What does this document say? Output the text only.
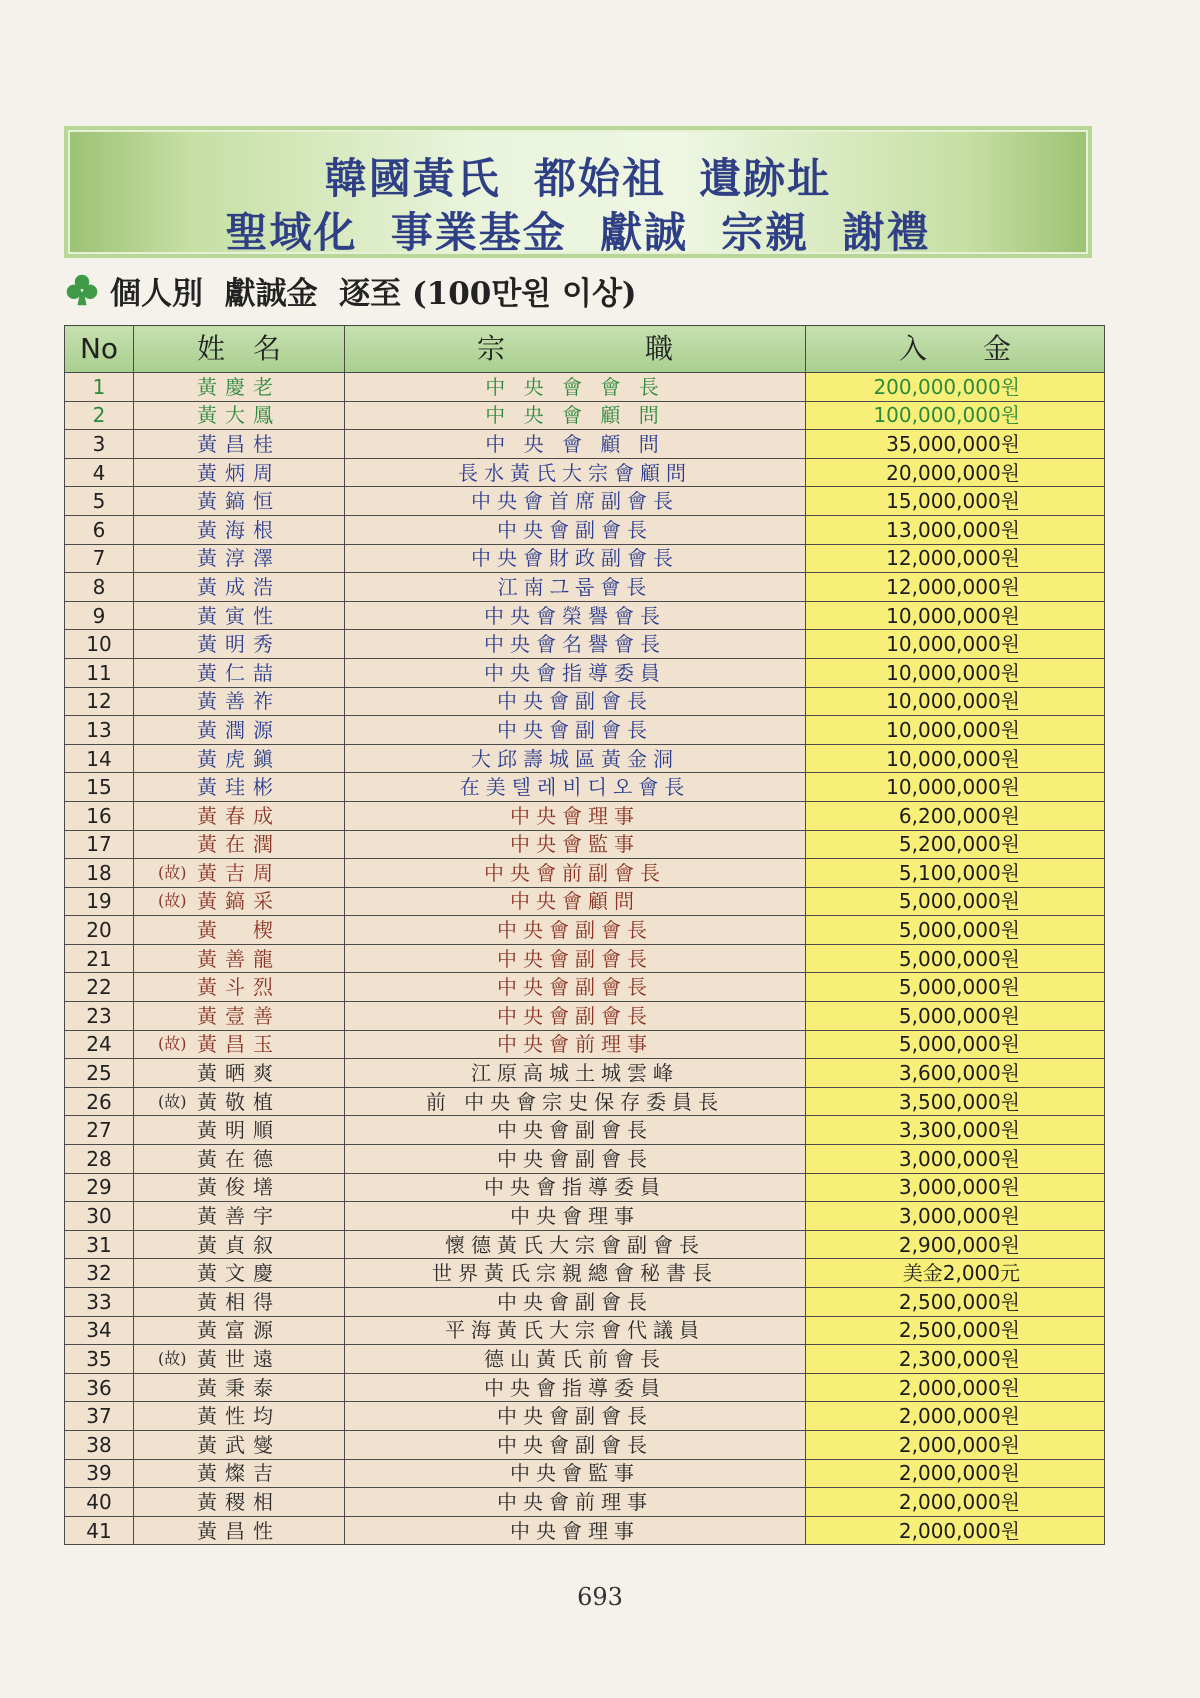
韓國黃氏  都始祖  遺跡址
聖域化  事業基金  獻誠  宗親  謝禮
個人別  獻誠金  逐至 (100만원 이상)
No	姓　名	宗　　　　　職	入　　金
1	黃慶老	中 央 會 會 長	200,000,000원
2	黃大鳳	中 央 會 顧 問	100,000,000원
3	黃昌桂	中 央 會 顧 問	35,000,000원
4	黃炳周	長水黃氏大宗會顧問	20,000,000원
5	黃鎬恒	中央會首席副會長	15,000,000원
6	黃海根	中央會副會長	13,000,000원
7	黃淳澤	中央會財政副會長	12,000,000원
8	黃成浩	江南그룹會長	12,000,000원
9	黃寅性	中央會榮譽會長	10,000,000원
10	黃明秀	中央會名譽會長	10,000,000원
11	黃仁喆	中央會指導委員	10,000,000원
12	黃善祚	中央會副會長	10,000,000원
13	黃潤源	中央會副會長	10,000,000원
14	黃虎鎭	大邱壽城區黃金洞	10,000,000원
15	黃珪彬	在美텔레비디오會長	10,000,000원
16	黃春成	中央會理事	6,200,000원
17	黃在潤	中央會監事	5,200,000원
18	(故) 黃吉周	中央會前副會長	5,100,000원
19	(故) 黃鎬采	中央會顧問	5,000,000원
20	黃　楔	中央會副會長	5,000,000원
21	黃善龍	中央會副會長	5,000,000원
22	黃斗烈	中央會副會長	5,000,000원
23	黃壹善	中央會副會長	5,000,000원
24	(故) 黃昌玉	中央會前理事	5,000,000원
25	黃晒爽	江原高城土城雲峰	3,600,000원
26	(故) 黃敬植	前 中央會宗史保存委員長	3,500,000원
27	黃明順	中央會副會長	3,300,000원
28	黃在德	中央會副會長	3,000,000원
29	黃俊墡	中央會指導委員	3,000,000원
30	黃善宇	中央會理事	3,000,000원
31	黃貞叙	懷德黃氏大宗會副會長	2,900,000원
32	黃文慶	世界黃氏宗親總會秘書長	美金2,000元
33	黃相得	中央會副會長	2,500,000원
34	黃富源	平海黃氏大宗會代議員	2,500,000원
35	(故) 黃世遠	德山黃氏前會長	2,300,000원
36	黃秉泰	中央會指導委員	2,000,000원
37	黃性均	中央會副會長	2,000,000원
38	黃武燮	中央會副會長	2,000,000원
39	黃燦吉	中央會監事	2,000,000원
40	黃稷相	中央會前理事	2,000,000원
41	黃昌性	中央會理事	2,000,000원
693
